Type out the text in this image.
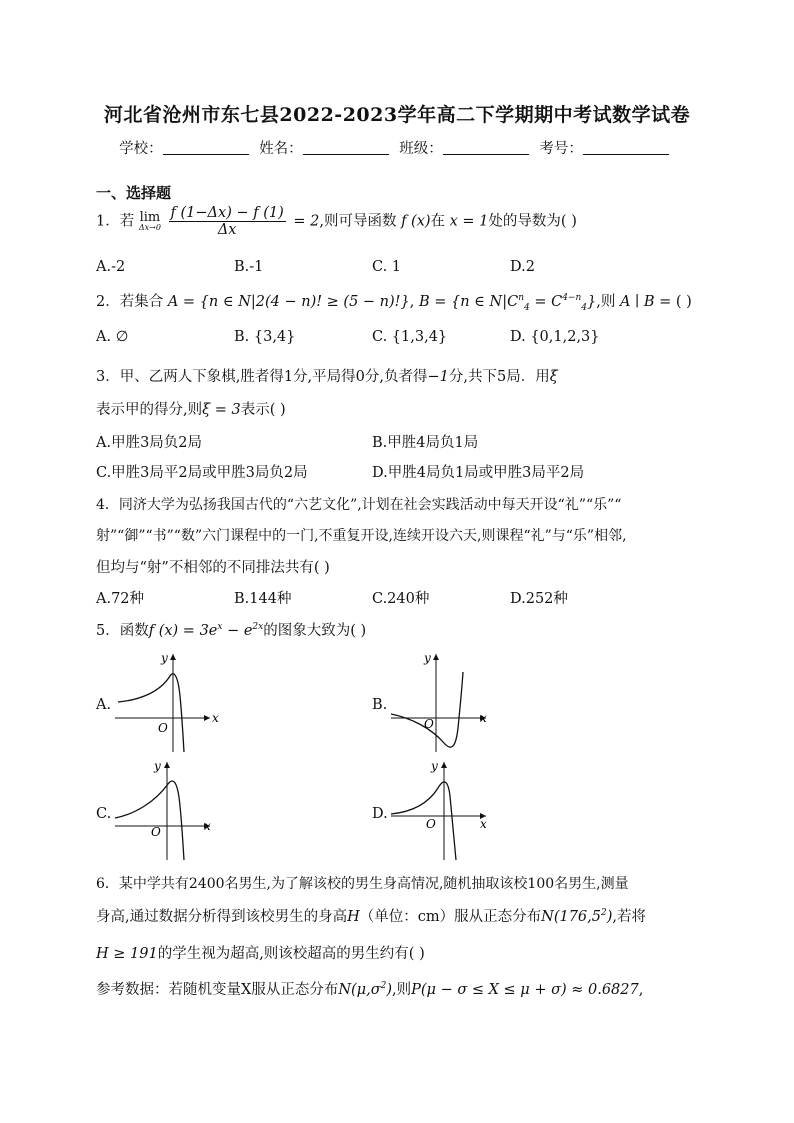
河北省沧州市东七县2022-2023学年高二下学期期中考试数学试卷
学校：	姓名：	班级：	考号：
一、选择题
1．若 lim
Δx→0
$\frac{f (1-\Delta x) - f (1)}{\Delta x} = 2$,则可导函数 f (x)在 x = 1处的导数为( )
A.-2	B.-1	C. 1	D.2
2．若集合 A = {n ∈ N|2(4 − n)! ≥ (5 − n)!}, B = {n ∈ $N|C^n_4 = C^{4-n}_4$},则 A ∣ B = ( )
A. ∅	B. {3,4}	C. {1,3,4}	D. {0,1,2,3}
3．甲、乙两人下象棋,胜者得1分,平局得0分,负者得−1分,共下5局．用ξ
表示甲的得分,则ξ = 3表示( )
A.甲胜3局负2局	B.甲胜4局负1局
C.甲胜3局平2局或甲胜3局负2局	D.甲胜4局负1局或甲胜3局平2局
4．同济大学为弘扬我国古代的“六艺文化”,计划在社会实践活动中每天开设“礼”“乐”“
射”“御”“书”“数”六门课程中的一门,不重复开设,连续开设六天,则课程“礼”与“乐”相邻,
但均与“射”不相邻的不同排法共有( )
A.72种	B.144种	C.240种	D.252种
5．函数f $(x) = 3e^x - e^{2x}$的图象大致为( )
A.
x
y
O
B.
x
y
O
C.
x
y
O
D.
x
y
O
6．某中学共有2400名男生,为了解该校的男生身高情况,随机抽取该校100名男生,测量
身高,通过数据分析得到该校男生的身高H（单位：cm）服从正态分布N(176,5$^2$),若将
H ≥ 191的学生视为超高,则该校超高的男生约有( )
参考数据：若随机变量X服从正态分布$N(\mu,\sigma^2)$,则P(μ − σ ≤ X ≤ μ + σ) ≈ 0.6827,
